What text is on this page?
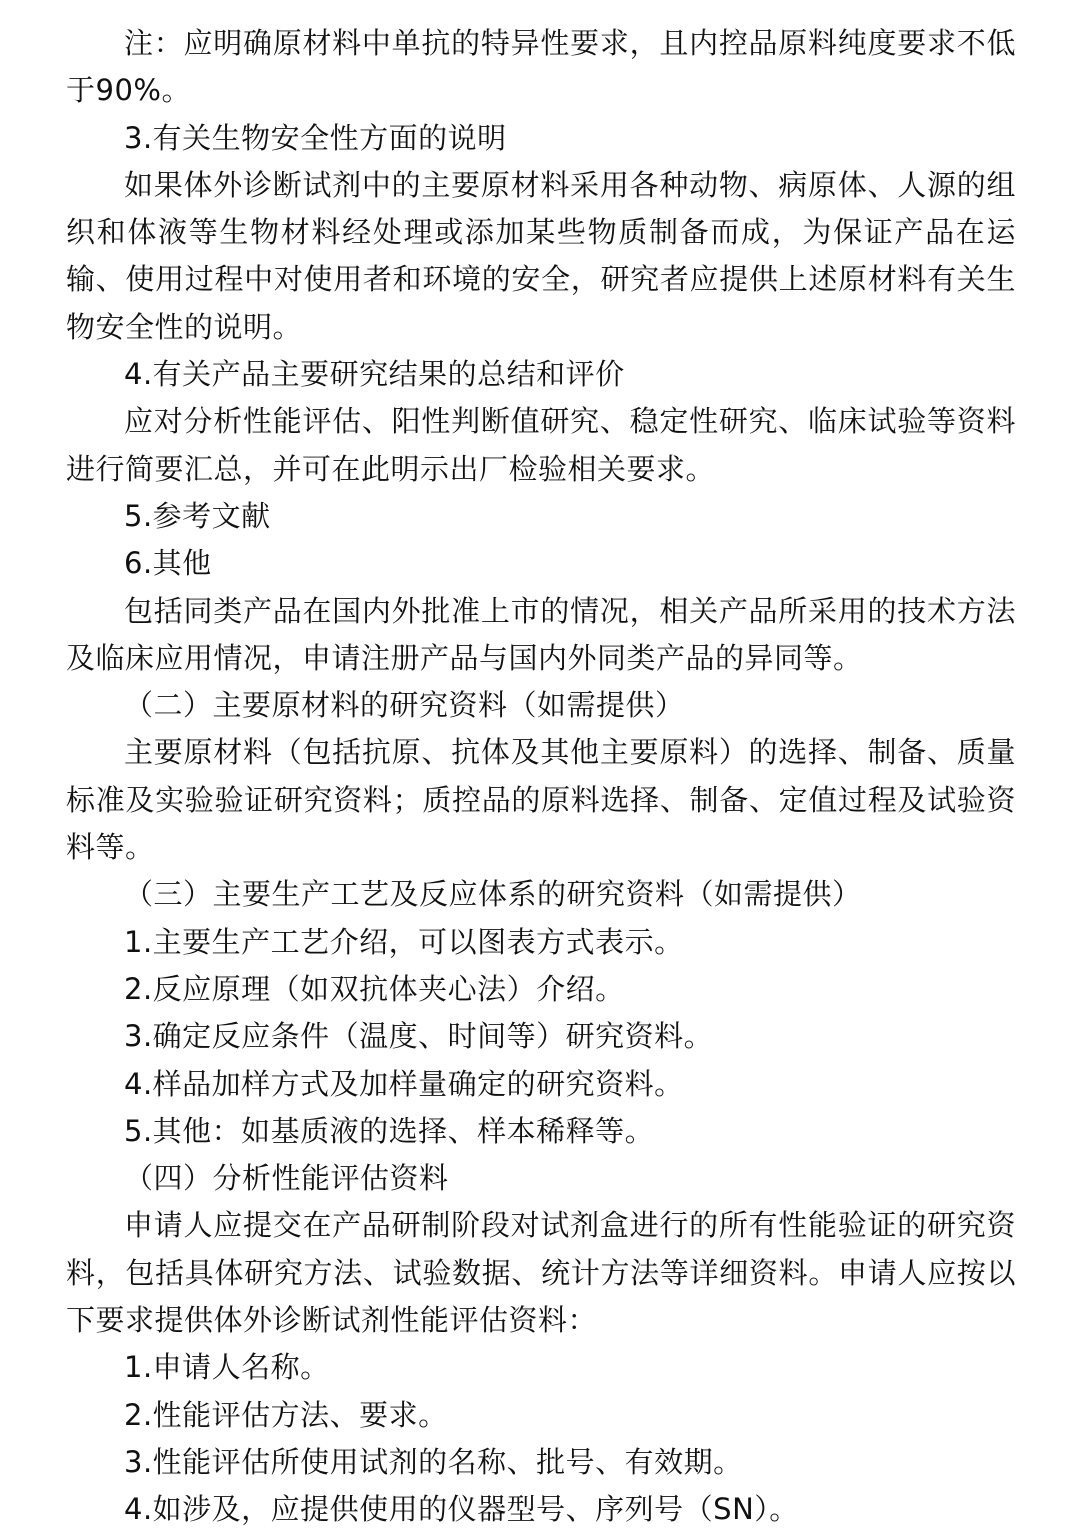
注：应明确原材料中单抗的特异性要求，且内控品原料纯度要求不低于90%。

3.有关生物安全性方面的说明

如果体外诊断试剂中的主要原材料采用各种动物、病原体、人源的组织和体液等生物材料经处理或添加某些物质制备而成，为保证产品在运输、使用过程中对使用者和环境的安全，研究者应提供上述原材料有关生物安全性的说明。

4.有关产品主要研究结果的总结和评价

应对分析性能评估、阳性判断值研究、稳定性研究、临床试验等资料进行简要汇总，并可在此明示出厂检验相关要求。

5.参考文献

6.其他

包括同类产品在国内外批准上市的情况，相关产品所采用的技术方法及临床应用情况，申请注册产品与国内外同类产品的异同等。

（二）主要原材料的研究资料（如需提供）

主要原材料（包括抗原、抗体及其他主要原料）的选择、制备、质量标准及实验验证研究资料；质控品的原料选择、制备、定值过程及试验资料等。

（三）主要生产工艺及反应体系的研究资料（如需提供）

1.主要生产工艺介绍，可以图表方式表示。

2.反应原理（如双抗体夹心法）介绍。

3.确定反应条件（温度、时间等）研究资料。

4.样品加样方式及加样量确定的研究资料。

5.其他：如基质液的选择、样本稀释等。

（四）分析性能评估资料

申请人应提交在产品研制阶段对试剂盒进行的所有性能验证的研究资料，包括具体研究方法、试验数据、统计方法等详细资料。申请人应按以下要求提供体外诊断试剂性能评估资料：

1.申请人名称。

2.性能评估方法、要求。

3.性能评估所使用试剂的名称、批号、有效期。

4.如涉及，应提供使用的仪器型号、序列号（SN）。
